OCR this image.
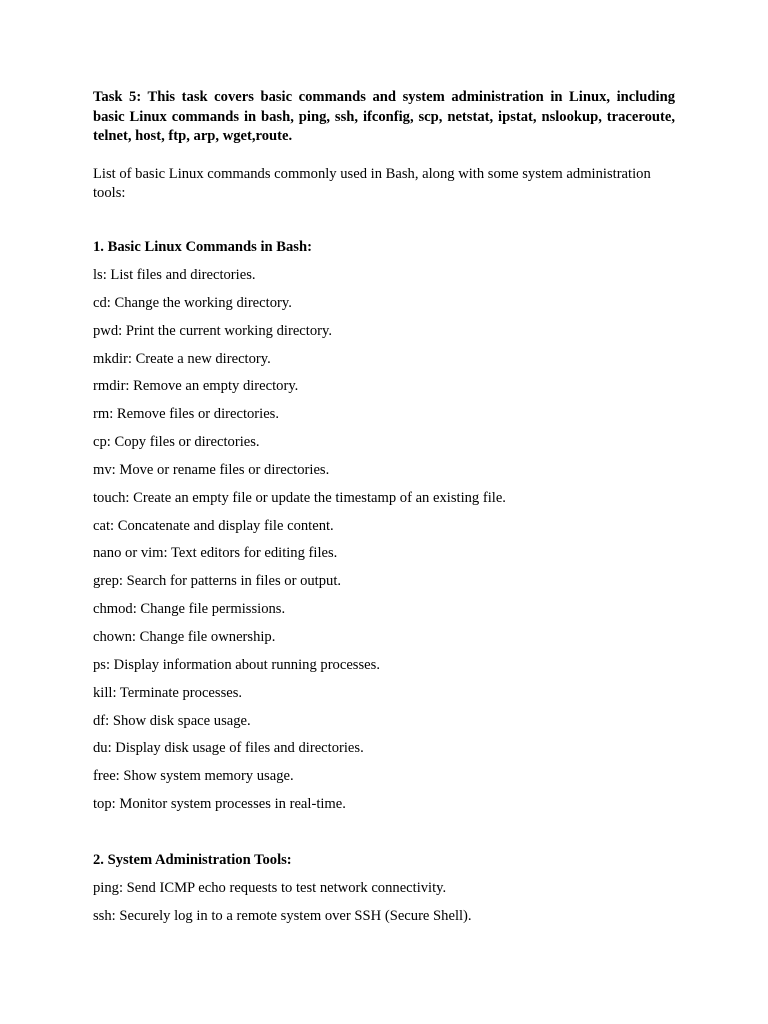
Task 5: This task covers basic commands and system administration in Linux, including basic Linux commands in bash, ping, ssh, ifconfig, scp, netstat, ipstat, nslookup, traceroute, telnet, host, ftp, arp, wget,route.
List of basic Linux commands commonly used in Bash, along with some system administration tools:
1. Basic Linux Commands in Bash:
ls: List files and directories.
cd: Change the working directory.
pwd: Print the current working directory.
mkdir: Create a new directory.
rmdir: Remove an empty directory.
rm: Remove files or directories.
cp: Copy files or directories.
mv: Move or rename files or directories.
touch: Create an empty file or update the timestamp of an existing file.
cat: Concatenate and display file content.
nano or vim: Text editors for editing files.
grep: Search for patterns in files or output.
chmod: Change file permissions.
chown: Change file ownership.
ps: Display information about running processes.
kill: Terminate processes.
df: Show disk space usage.
du: Display disk usage of files and directories.
free: Show system memory usage.
top: Monitor system processes in real-time.
2. System Administration Tools:
ping: Send ICMP echo requests to test network connectivity.
ssh: Securely log in to a remote system over SSH (Secure Shell).
